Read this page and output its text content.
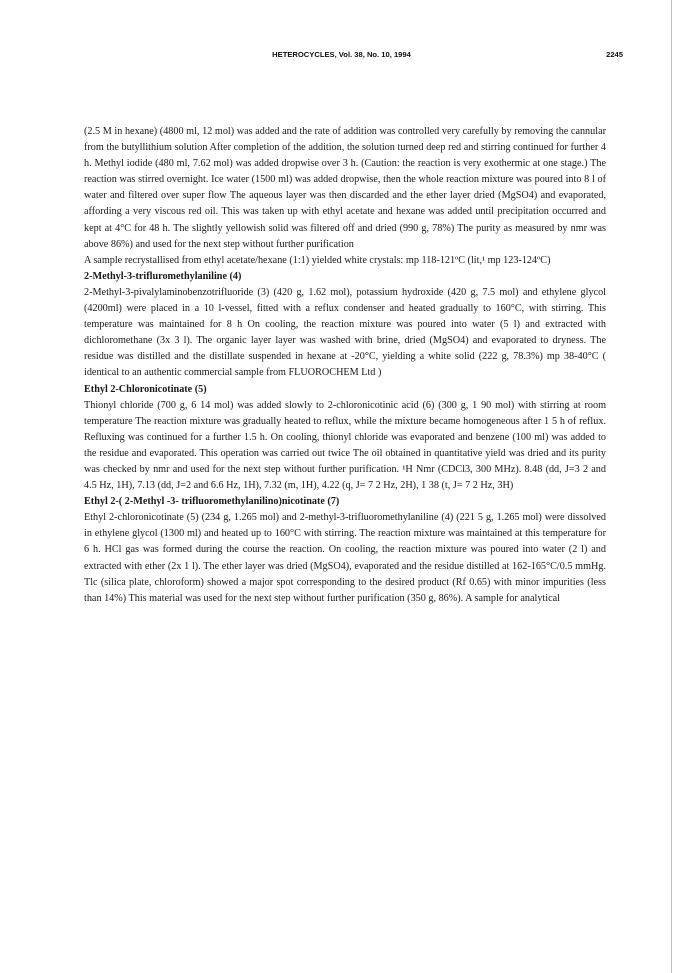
HETEROCYCLES, Vol. 38, No. 10, 1994	2245

(2.5 M in hexane) (4800 ml, 12 mol) was added and the rate of addition was controlled very carefully by removing the cannular from the butyllithium solution After completion of the addition, the solution turned deep red and stirring continued for further 4 h. Methyl iodide (480 ml, 7.62 mol) was added dropwise over 3 h. (Caution: the reaction is very exothermic at one stage.) The reaction was stirred overnight. Ice water (1500 ml) was added dropwise, then the whole reaction mixture was poured into 8 l of water and filtered over super flow The aqueous layer was then discarded and the ether layer dried (MgSO4) and evaporated, affording a very viscous red oil. This was taken up with ethyl acetate and hexane was added until precipitation occurred and kept at 4°C for 48 h. The slightly yellowish solid was filtered off and dried (990 g, 78%) The purity as measured by nmr was above 86%) and used for the next step without further purification

A sample recrystallised from ethyl acetate/hexane (1:1) yielded white crystals: mp 118-121ºC (lit,¹ mp 123-124ºC)

2-Methyl-3-trifluromethylaniline (4)

2-Methyl-3-pivalylaminobenzotrifluoride (3) (420 g, 1.62 mol), potassium hydroxide (420 g, 7.5 mol) and ethylene glycol (4200ml) were placed in a 10 l-vessel, fitted with a reflux condenser and heated gradually to 160°C, with stirring. This temperature was maintained for 8 h On cooling, the reaction mixture was poured into water (5 l) and extracted with dichloromethane (3x 3 l). The organic layer layer was washed with brine, dried (MgSO4) and evaporated to dryness. The residue was distilled and the distillate suspended in hexane at -20°C, yielding a white solid (222 g, 78.3%) mp 38-40°C ( identical to an authentic commercial sample from FLUOROCHEM Ltd )

Ethyl 2-Chloronicotinate (5)

Thionyl chloride (700 g, 6 14 mol) was added slowly to 2-chloronicotinic acid (6) (300 g, 1 90 mol) with stirring at room temperature The reaction mixture was gradually heated to reflux, while the mixture became homogeneous after 1 5 h of reflux. Refluxing was continued for a further 1.5 h. On cooling, thionyl chloride was evaporated and benzene (100 ml) was added to the residue and evaporated. This operation was carried out twice The oil obtained in quantitative yield was dried and its purity was checked by nmr and used for the next step without further purification. ¹H Nmr (CDCl3, 300 MHz). 8.48 (dd, J=3 2 and 4.5 Hz, 1H), 7.13 (dd, J=2 and 6.6 Hz, 1H), 7.32 (m, 1H), 4.22 (q, J= 7 2 Hz, 2H), 1 38 (t, J= 7 2 Hz, 3H)

Ethyl 2-( 2-Methyl -3- trifluoromethylanilino)nicotinate (7)

Ethyl 2-chloronicotinate (5) (234 g, 1.265 mol) and 2-methyl-3-trifluoromethylaniline (4) (221 5 g, 1.265 mol) were dissolved in ethylene glycol (1300 ml) and heated up to 160°C with stirring. The reaction mixture was maintained at this temperature for 6 h. HCl gas was formed during the course the reaction. On cooling, the reaction mixture was poured into water (2 l) and extracted with ether (2x 1 l). The ether layer was dried (MgSO4), evaporated and the residue distilled at 162-165°C/0.5 mmHg. Tlc (silica plate, chloroform) showed a major spot corresponding to the desired product (Rf 0.65) with minor impurities (less than 14%) This material was used for the next step without further purification (350 g, 86%). A sample for analytical
